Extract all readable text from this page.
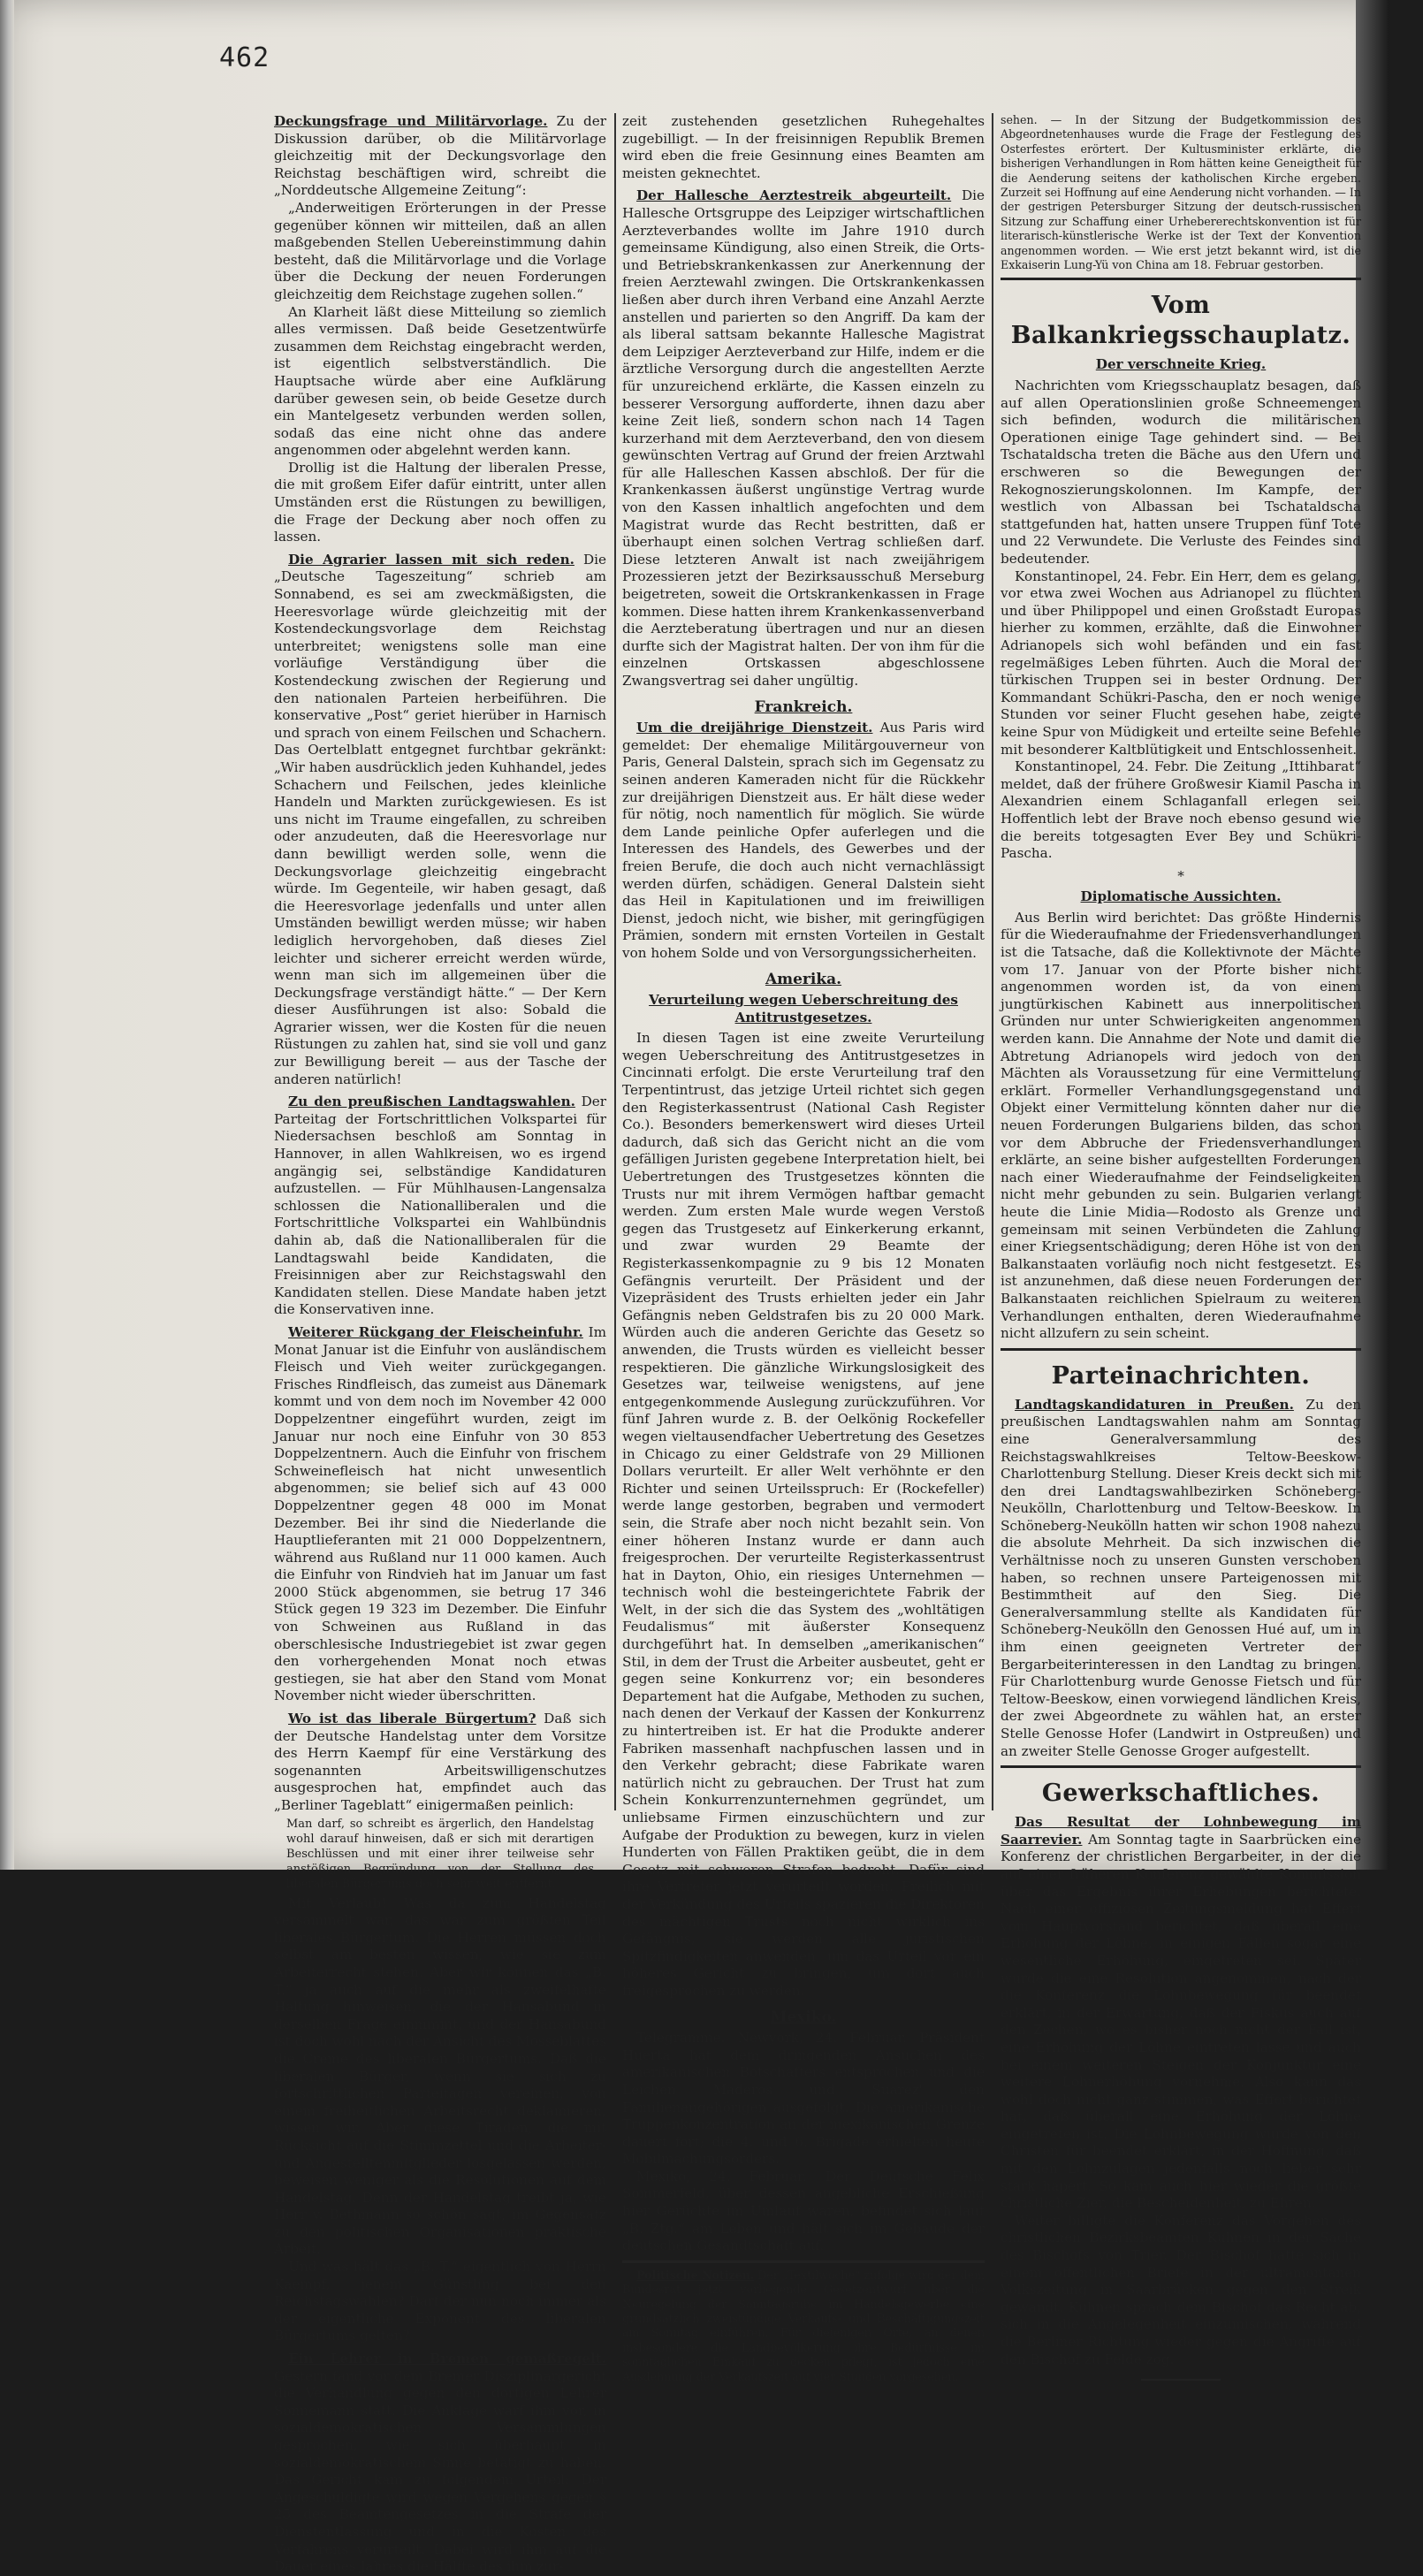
462

Deckungsfrage und Militärvorlage. Zu der Diskussion darüber, ob die Militärvorlage gleichzeitig mit der Deckungsvorlage den Reichstag beschäftigen wird, schreibt die „Norddeutsche Allgemeine Zeitung“:

„Anderweitigen Erörterungen in der Presse gegenüber können wir mitteilen, daß an allen maßgebenden Stellen Uebereinstimmung dahin besteht, daß die Militärvorlage und die Vorlage über die Deckung der neuen Forderungen gleichzeitig dem Reichstage zugehen sollen.“

An Klarheit läßt diese Mitteilung so ziemlich alles vermissen. Daß beide Gesetzentwürfe zusammen dem Reichstag eingebracht werden, ist eigentlich selbstverständlich. Die Hauptsache würde aber eine Aufklärung darüber gewesen sein, ob beide Gesetze durch ein Mantelgesetz verbunden werden sollen, sodaß das eine nicht ohne das andere angenommen oder abgelehnt werden kann.

Drollig ist die Haltung der liberalen Presse, die mit großem Eifer dafür eintritt, unter allen Umständen erst die Rüstungen zu bewilligen, die Frage der Deckung aber noch offen zu lassen.

Die Agrarier lassen mit sich reden. Die „Deutsche Tageszeitung“ schrieb am Sonnabend, es sei am zweckmäßigsten, die Heeresvorlage würde gleichzeitig mit der Kostendeckungsvorlage dem Reichstag unterbreitet; wenigstens solle man eine vorläufige Verständigung über die Kostendeckung zwischen der Regierung und den nationalen Parteien herbeiführen. Die konservative „Post“ geriet hierüber in Harnisch und sprach von einem Feilschen und Schachern. Das Oertelblatt entgegnet furchtbar gekränkt: „Wir haben ausdrücklich jeden Kuhhandel, jedes Schachern und Feilschen, jedes kleinliche Handeln und Markten zurückgewiesen. Es ist uns nicht im Traume eingefallen, zu schreiben oder anzudeuten, daß die Heeresvorlage nur dann bewilligt werden solle, wenn die Deckungsvorlage gleichzeitig eingebracht würde. Im Gegenteile, wir haben gesagt, daß die Heeresvorlage jedenfalls und unter allen Umständen bewilligt werden müsse; wir haben lediglich hervorgehoben, daß dieses Ziel leichter und sicherer erreicht werden würde, wenn man sich im allgemeinen über die Deckungsfrage verständigt hätte.“ — Der Kern dieser Ausführungen ist also: Sobald die Agrarier wissen, wer die Kosten für die neuen Rüstungen zu zahlen hat, sind sie voll und ganz zur Bewilligung bereit — aus der Tasche der anderen natürlich!

Zu den preußischen Landtagswahlen. Der Parteitag der Fortschrittlichen Volkspartei für Niedersachsen beschloß am Sonntag in Hannover, in allen Wahlkreisen, wo es irgend angängig sei, selbständige Kandidaturen aufzustellen. — Für Mühlhausen-Langensalza schlossen die Nationalliberalen und die Fortschrittliche Volkspartei ein Wahlbündnis dahin ab, daß die Nationalliberalen für die Landtagswahl beide Kandidaten, die Freisinnigen aber zur Reichstagswahl den Kandidaten stellen. Diese Mandate haben jetzt die Konservativen inne.

Weiterer Rückgang der Fleischeinfuhr. Im Monat Januar ist die Einfuhr von ausländischem Fleisch und Vieh weiter zurückgegangen. Frisches Rindfleisch, das zumeist aus Dänemark kommt und von dem noch im November 42 000 Doppelzentner eingeführt wurden, zeigt im Januar nur noch eine Einfuhr von 30 853 Doppelzentnern. Auch die Einfuhr von frischem Schweinefleisch hat nicht unwesentlich abgenommen; sie belief sich auf 43 000 Doppelzentner gegen 48 000 im Monat Dezember. Bei ihr sind die Niederlande die Hauptlieferanten mit 21 000 Doppelzentnern, während aus Rußland nur 11 000 kamen. Auch die Einfuhr von Rindvieh hat im Januar um fast 2000 Stück abgenommen, sie betrug 17 346 Stück gegen 19 323 im Dezember. Die Einfuhr von Schweinen aus Rußland in das oberschlesische Industriegebiet ist zwar gegen den vorhergehenden Monat noch etwas gestiegen, sie hat aber den Stand vom Monat November nicht wieder überschritten.

Wo ist das liberale Bürgertum? Daß sich der Deutsche Handelstag unter dem Vorsitze des Herrn Kaempf für eine Verstärkung des sogenannten Arbeitswilligenschutzes ausgesprochen hat, empfindet auch das „Berliner Tageblatt“ einigermaßen peinlich:

Man darf, so schreibt es ärgerlich, den Handelstag wohl darauf hinweisen, daß er sich mit derartigen Beschlüssen und mit einer ihrer teilweise sehr anstößigen Begründung von der Stellung des liberalen Bürgertums doch sehr weit entfernt.

Mit Verlaub! Was da zum Handelstag versammelt war, das war zum größten Teil liberales Bürgertum. Die Herren müssen doch selbst am besten wissen, wie sie zum Arbeiterrecht stehen. Aber wir können das „B. T.“ ja auch auf die mehr als zweifelhafte Haltung hinweisen, die der Hansabund in derselben Frage einnimmt, und der Hansabund ist doch wohl nach der Ansicht des Mosseblattes die Creme des liberalen Bürgertums. Daß die liberalen Bürger, wenn sie sich zu fortschrittlichen Parteitagen vereinen, von einem freiheitlichen Arbeitsrecht deklamieren, wissen wir. Aber diese Tiraden, die mit Rücksicht auf die Stimmzettel und die Arbeiter- und Angestelltenmitglieder losgelassen werden, beweisen weniger als die Resolutionen auf dem Handelstag. Denn der Handelstag treibt ja, wie Herr v. Bethmann so schön sagt, im Gegensatz zu den politischen Organisationen praktische Arbeit.

Und was hält das „B. T.“ eigentlich von Herrn Kaempf, jenem Günstling bei den Reichstagswahlen? Darf der nun noch immer als der eigentliche Exponent des liberalen Bürgertums gelten?

Ein Lehrer in Bremen gemaßregelt. Gestern fand vor dem Bremer Disziplinargericht die Verhandlung gegen den dortigen Lehrer Sonnemann statt. Die Anklage warf ihm vor, in sozialdemokratischen Versammlungen gesprochen, wie sich überhaupt in sozialdemokratischem Sinne betätigt zu haben. Das Gericht kam zu folgendem Urteil: Der Angeschuldigte wird wegen Vergehens gegen § 25 des Beamtengesetzes in die Strafe der Dienstentlassung und in die Kosten des Verfahrens verurteilt. Dabei wird ihm auf die Dauer eines Jahres die Hälfte des ihm zur-

zeit zustehenden gesetzlichen Ruhegehaltes zugebilligt. — In der freisinnigen Republik Bremen wird eben die freie Gesinnung eines Beamten am meisten geknechtet.

Der Hallesche Aerztestreik abgeurteilt. Die Hallesche Ortsgruppe des Leipziger wirtschaftlichen Aerzteverbandes wollte im Jahre 1910 durch gemeinsame Kündigung, also einen Streik, die Orts- und Betriebskrankenkassen zur Anerkennung der freien Aerztewahl zwingen. Die Ortskrankenkassen ließen aber durch ihren Verband eine Anzahl Aerzte anstellen und parierten so den Angriff. Da kam der als liberal sattsam bekannte Hallesche Magistrat dem Leipziger Aerzteverband zur Hilfe, indem er die ärztliche Versorgung durch die angestellten Aerzte für unzureichend erklärte, die Kassen einzeln zu besserer Versorgung aufforderte, ihnen dazu aber keine Zeit ließ, sondern schon nach 14 Tagen kurzerhand mit dem Aerzteverband, den von diesem gewünschten Vertrag auf Grund der freien Arztwahl für alle Halleschen Kassen abschloß. Der für die Krankenkassen äußerst ungünstige Vertrag wurde von den Kassen inhaltlich angefochten und dem Magistrat wurde das Recht bestritten, daß er überhaupt einen solchen Vertrag schließen darf. Diese letzteren Anwalt ist nach zweijährigem Prozessieren jetzt der Bezirksausschuß Merseburg beigetreten, soweit die Ortskrankenkassen in Frage kommen. Diese hatten ihrem Krankenkassenverband die Aerzteberatung übertragen und nur an diesen durfte sich der Magistrat halten. Der von ihm für die einzelnen Ortskassen abgeschlossene Zwangsvertrag sei daher ungültig.

Frankreich.

Um die dreijährige Dienstzeit. Aus Paris wird gemeldet: Der ehemalige Militärgouverneur von Paris, General Dalstein, sprach sich im Gegensatz zu seinen anderen Kameraden nicht für die Rückkehr zur dreijährigen Dienstzeit aus. Er hält diese weder für nötig, noch namentlich für möglich. Sie würde dem Lande peinliche Opfer auferlegen und die Interessen des Handels, des Gewerbes und der freien Berufe, die doch auch nicht vernachlässigt werden dürfen, schädigen. General Dalstein sieht das Heil in Kapitulationen und im freiwilligen Dienst, jedoch nicht, wie bisher, mit geringfügigen Prämien, sondern mit ernsten Vorteilen in Gestalt von hohem Solde und von Versorgungssicherheiten.

Amerika.
Verurteilung wegen Ueberschreitung des Antitrustgesetzes.

In diesen Tagen ist eine zweite Verurteilung wegen Ueberschreitung des Antitrustgesetzes in Cincinnati erfolgt. Die erste Verurteilung traf den Terpentintrust, das jetzige Urteil richtet sich gegen den Registerkassentrust (National Cash Register Co.). Besonders bemerkenswert wird dieses Urteil dadurch, daß sich das Gericht nicht an die vom gefälligen Juristen gegebene Interpretation hielt, bei Uebertretungen des Trustgesetzes könnten die Trusts nur mit ihrem Vermögen haftbar gemacht werden. Zum ersten Male wurde wegen Verstoß gegen das Trustgesetz auf Einkerkerung erkannt, und zwar wurden 29 Beamte der Registerkassenkompagnie zu 9 bis 12 Monaten Gefängnis verurteilt. Der Präsident und der Vizepräsident des Trusts erhielten jeder ein Jahr Gefängnis neben Geldstrafen bis zu 20 000 Mark. Würden auch die anderen Gerichte das Gesetz so anwenden, die Trusts würden es vielleicht besser respektieren. Die gänzliche Wirkungslosigkeit des Gesetzes war, teilweise wenigstens, auf jene entgegenkommende Auslegung zurückzuführen. Vor fünf Jahren wurde z. B. der Oelkönig Rockefeller wegen vieltausendfacher Uebertretung des Gesetzes in Chicago zu einer Geldstrafe von 29 Millionen Dollars verurteilt. Er aller Welt verhöhnte er den Richter und seinen Urteilsspruch: Er (Rockefeller) werde lange gestorben, begraben und vermodert sein, die Strafe aber noch nicht bezahlt sein. Von einer höheren Instanz wurde er dann auch freigesprochen. Der verurteilte Registerkassentrust hat in Dayton, Ohio, ein riesiges Unternehmen — technisch wohl die besteingerichtete Fabrik der Welt, in der sich die das System des „wohltätigen Feudalismus“ mit äußerster Konsequenz durchgeführt hat. In demselben „amerikanischen“ Stil, in dem der Trust die Arbeiter ausbeutet, geht er gegen seine Konkurrenz vor; ein besonderes Departement hat die Aufgabe, Methoden zu suchen, nach denen der Verkauf der Kassen der Konkurrenz zu hintertreiben ist. Er hat die Produkte anderer Fabriken massenhaft nachpfuschen lassen und in den Verkehr gebracht; diese Fabrikate waren natürlich nicht zu gebrauchen. Der Trust hat zum Schein Konkurrenzunternehmen gegründet, um unliebsame Firmen einzuschüchtern und zur Aufgabe der Produktion zu bewegen, kurz in vielen Hunderten von Fällen Praktiken geübt, die in dem Gesetz mit schweren Strafen bedroht. Dafür sind ihre Vertreter jetzt verurteilt worden. Freilich mit der Verkündung des Urteils spazieren die Direktoren des mächtigen Trusts noch nicht wirklich ins Gefängnis, sie werden alle juristischen Spitzfindigkeiten anwenden, um das Urteil vor ein höheres Gericht zu bringen, um dort auch freigesprochen zu werden.

Mexiko.

Telegramme. Newyork, 24. Februar. Präsident Huerta hat dem dringenden Ansuchen des amerikanischen Botschafters entsprochen und die Leichen Maderos und Suarez' den Familienangehörigen ausgefolgt. Die amerikanische Truppenkonzentration an der mexikanischen Grenze dauert fort; die 4. und 6. Brigade erhielten heute Mobilmachungsorders.

Mexiko, 24. Februar. Der Deutsche Felix Sommerfeld, über dessen angebliche Erschießung hier Gerüchte im Umlauf waren, befindet sich laut „B. Ztg.“ am Leben und hält sich im Gebäude der deutschen Gesandtschaft auf.

Politische Notizen. Der „Textilwoche“ zufolge wird der dem Bundesrat jetzt vorliegende Gesetzentwurf über die Neuregelung der Sonntagsruhe im Handelsgewerbe eine grundsätzlich zweistündige Verkaufs- und Beschäftigungszeit am Sonntag einführen. Für diejenigen Orte, an denen insbesondere die Landbevölkerung ihre Bedürfnisse im sonntäglichen Einkauf zu decken pflegt, ist jedoch eine Ausdehnung der Verkaufszeit auf vier Stunden vorgesehen.

sehen. — In der Sitzung der Budgetkommission des Abgeordnetenhauses wurde die Frage der Festlegung des Osterfestes erörtert. Der Kultusminister erklärte, die bisherigen Verhandlungen in Rom hätten keine Geneigtheit für die Aenderung seitens der katholischen Kirche ergeben. Zurzeit sei Hoffnung auf eine Aenderung nicht vorhanden. — In der gestrigen Petersburger Sitzung der deutsch-russischen Sitzung zur Schaffung einer Urhebererechtskonvention ist für literarisch-künstlerische Werke ist der Text der Konvention angenommen worden. — Wie erst jetzt bekannt wird, ist die Exkaiserin Lung-Yü von China am 18. Februar gestorben.

Vom Balkankriegsschauplatz.
Der verschneite Krieg.

Nachrichten vom Kriegsschauplatz besagen, daß auf allen Operationslinien große Schneemengen sich befinden, wodurch die militärischen Operationen einige Tage gehindert sind. — Bei Tschataldscha treten die Bäche aus den Ufern und erschweren so die Bewegungen der Rekognoszierungskolonnen. Im Kampfe, der westlich von Albassan bei Tschataldscha stattgefunden hat, hatten unsere Truppen fünf Tote und 22 Verwundete. Die Verluste des Feindes sind bedeutender.

Konstantinopel, 24. Febr. Ein Herr, dem es gelang, vor etwa zwei Wochen aus Adrianopel zu flüchten und über Philippopel und einen Großstadt Europas hierher zu kommen, erzählte, daß die Einwohner Adrianopels sich wohl befänden und ein fast regelmäßiges Leben führten. Auch die Moral der türkischen Truppen sei in bester Ordnung. Der Kommandant Schükri-Pascha, den er noch wenige Stunden vor seiner Flucht gesehen habe, zeigte keine Spur von Müdigkeit und erteilte seine Befehle mit besonderer Kaltblütigkeit und Entschlossenheit.

Konstantinopel, 24. Febr. Die Zeitung „Ittihbarat“ meldet, daß der frühere Großwesir Kiamil Pascha in Alexandrien einem Schlaganfall erlegen sei. Hoffentlich lebt der Brave noch ebenso gesund wie die bereits totgesagten Ever Bey und Schükri-Pascha.

*
Diplomatische Aussichten.

Aus Berlin wird berichtet: Das größte Hindernis für die Wiederaufnahme der Friedensverhandlungen ist die Tatsache, daß die Kollektivnote der Mächte vom 17. Januar von der Pforte bisher nicht angenommen worden ist, da von einem jungtürkischen Kabinett aus innerpolitischen Gründen nur unter Schwierigkeiten angenommen werden kann. Die Annahme der Note und damit die Abtretung Adrianopels wird jedoch von den Mächten als Voraussetzung für eine Vermittelung erklärt. Formeller Verhandlungsgegenstand und Objekt einer Vermittelung könnten daher nur die neuen Forderungen Bulgariens bilden, das schon vor dem Abbruche der Friedensverhandlungen erklärte, an seine bisher aufgestellten Forderungen nach einer Wiederaufnahme der Feindseligkeiten nicht mehr gebunden zu sein. Bulgarien verlangt heute die Linie Midia—Rodosto als Grenze und gemeinsam mit seinen Verbündeten die Zahlung einer Kriegsentschädigung; deren Höhe ist von den Balkanstaaten vorläufig noch nicht festgesetzt. Es ist anzunehmen, daß diese neuen Forderungen der Balkanstaaten reichlichen Spielraum zu weiteren Verhandlungen enthalten, deren Wiederaufnahme nicht allzufern zu sein scheint.

Parteinachrichten.

Landtagskandidaturen in Preußen. Zu den preußischen Landtagswahlen nahm am Sonntag eine Generalversammlung des Reichstagswahlkreises Teltow-Beeskow-Charlottenburg Stellung. Dieser Kreis deckt sich mit den drei Landtagswahlbezirken Schöneberg-Neukölln, Charlottenburg und Teltow-Beeskow. In Schöneberg-Neukölln hatten wir schon 1908 nahezu die absolute Mehrheit. Da sich inzwischen die Verhältnisse noch zu unseren Gunsten verschoben haben, so rechnen unsere Parteigenossen mit Bestimmtheit auf den Sieg. Die Generalversammlung stellte als Kandidaten für Schöneberg-Neukölln den Genossen Hué auf, um in ihm einen geeigneten Vertreter der Bergarbeiterinteressen in den Landtag zu bringen. Für Charlottenburg wurde Genosse Fietsch und für Teltow-Beeskow, einen vorwiegend ländlichen Kreis, der zwei Abgeordnete zu wählen hat, an erster Stelle Genosse Hofer (Landwirt in Ostpreußen) und an zweiter Stelle Genosse Groger aufgestellt.

Gewerkschaftliches.

Das Resultat der Lohnbewegung im Saarrevier. Am Sonntag tagte in Saarbrücken eine Konferenz der christlichen Bergarbeiter, in der die auf einer früheren Konferenz gewählte Kommission über das Ergebnis ihrer Erhebungen berichtete. Nach einer offiziösen Zeitungsmeldung hat Effert vom Hauptvorstand berichtet, daß überall eine Erhöhung der Löhne, in einigen Fällen sogar eine wesentliche Erhöhung, eingetreten sei. Später wurde die eine Resolution angenommen, nach der die Konferenz die Lohnbewegung für beendet erklärt, in der Erwartung, daß der Fiskus auch auf den Zechen, wo es bisher noch nicht der Fall ist, eine Erhöhung der Löhne eintreten lasse und auch bei einem weiteren Steigen der Konjunktur eine weitere Lohnerhöhung vornehme. Also kann das wohl doch nicht ganz stimmen, was Effert berichtet hat, daß überall eine Erhöhung der Löhne eingetreten ist. Die Lohnbewegung wurde von den Christen für beendet erklärt, in der Hoffnung, daß mit den Lohnzulagen jedenfalls noch lieber sehr stark hapert. So kam auch hier wieder die größte christliche Zier, die Bescheidenheit, zu Ehren.

Weiter billigte die Konferenz das Vorgehen des christlichen Bezirksbeamten Kuhnen in der Sache des Bischofs von Trier. Der Bischof hatte sich in einem öffentlichen Briefe in der ultramontanen Volkszeitung in Saarbrücken gegen den Streik gewandt. Kuhnen sprach dem Bischof das Recht ab, sich in die Angelegenheit einzumischen, während die Berliner Richtung wieder gegen die Angriffe auf den Bischof zu Felde zog.
